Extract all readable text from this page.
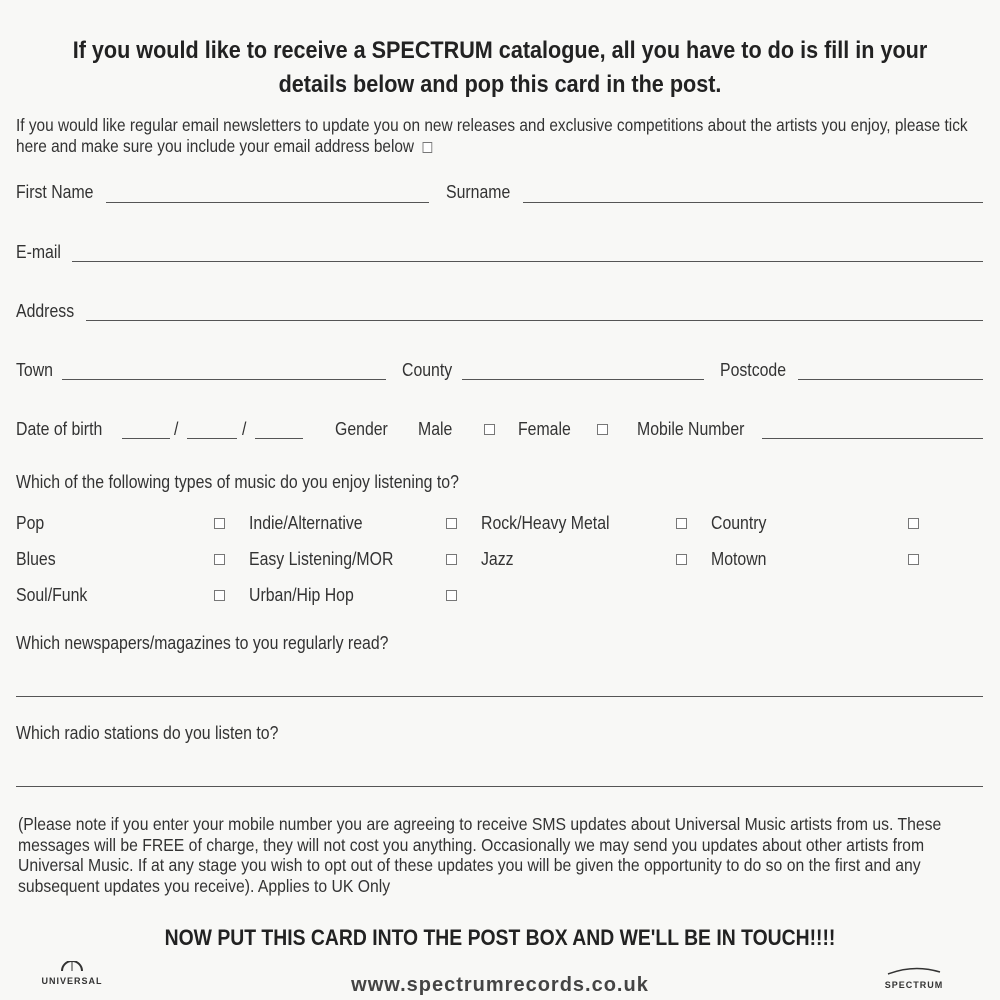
If you would like to receive a SPECTRUM catalogue, all you have to do is fill in your details below and pop this card in the post.
If you would like regular email newsletters to update you on new releases and exclusive competitions about the artists you enjoy, please tick here and make sure you include your email address below
First Name	Surname
E-mail
Address
Town	County	Postcode
Date of birth	/	/	Gender Male	Female	Mobile Number
Which of the following types of music do you enjoy listening to?
Pop	Indie/Alternative	Rock/Heavy Metal	Country
Blues	Easy Listening/MOR	Jazz	Motown
Soul/Funk	Urban/Hip Hop
Which newspapers/magazines to you regularly read?
Which radio stations do you listen to?
(Please note if you enter your mobile number you are agreeing to receive SMS updates about Universal Music artists from us. These messages will be FREE of charge, they will not cost you anything. Occasionally we may send you updates about other artists from Universal Music. If at any stage you wish to opt out of these updates you will be given the opportunity to do so on the first and any subsequent updates you receive). Applies to UK Only
NOW PUT THIS CARD INTO THE POST BOX AND WE'LL BE IN TOUCH!!!!
UNIVERSAL	SPECTRUM
www.spectrumrecords.co.uk
